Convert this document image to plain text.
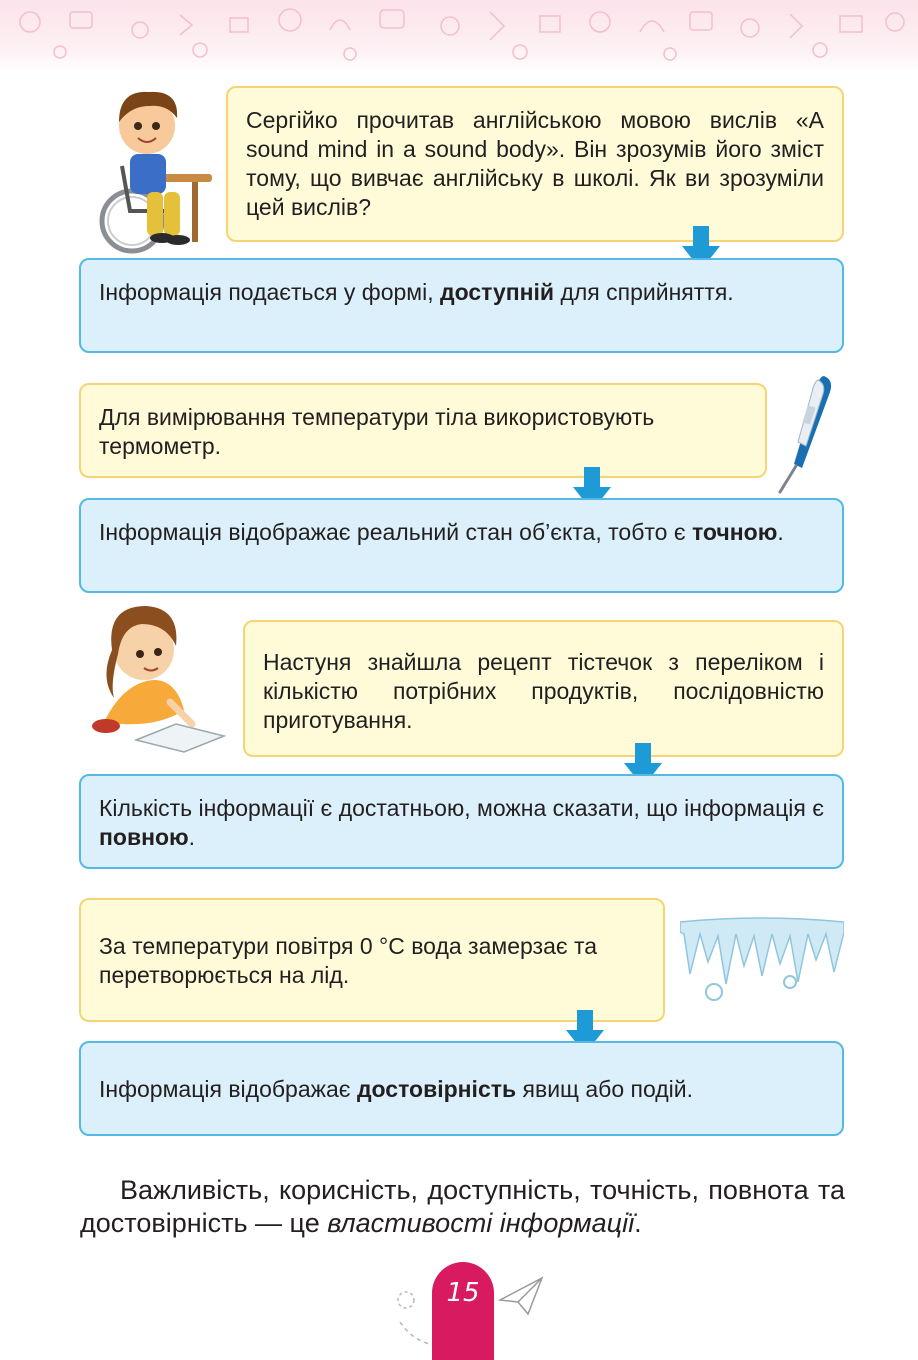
Сергійко прочитав англійською мовою вислів «A sound mind in a sound body». Він зрозумів його зміст тому, що вивчає англійську в школі. Як ви зрозуміли цей вислів?

Інформація подається у формі, доступній для сприйняття.

Для вимірювання температури тіла використовують термометр.

Інформація відображає реальний стан об’єкта, тобто є точною.

Настуня знайшла рецепт тістечок з переліком і кількістю потрібних продуктів, послідовністю приготування.

Кількість інформації є достатньою, можна сказати, що інформація є повною.

За температури повітря 0 °С вода замерзає та перетворюється на лід.

Інформація відображає достовірність явищ або подій.

Важливість, корисність, доступність, точність, повнота та достовірність — це властивості інформації.

15
